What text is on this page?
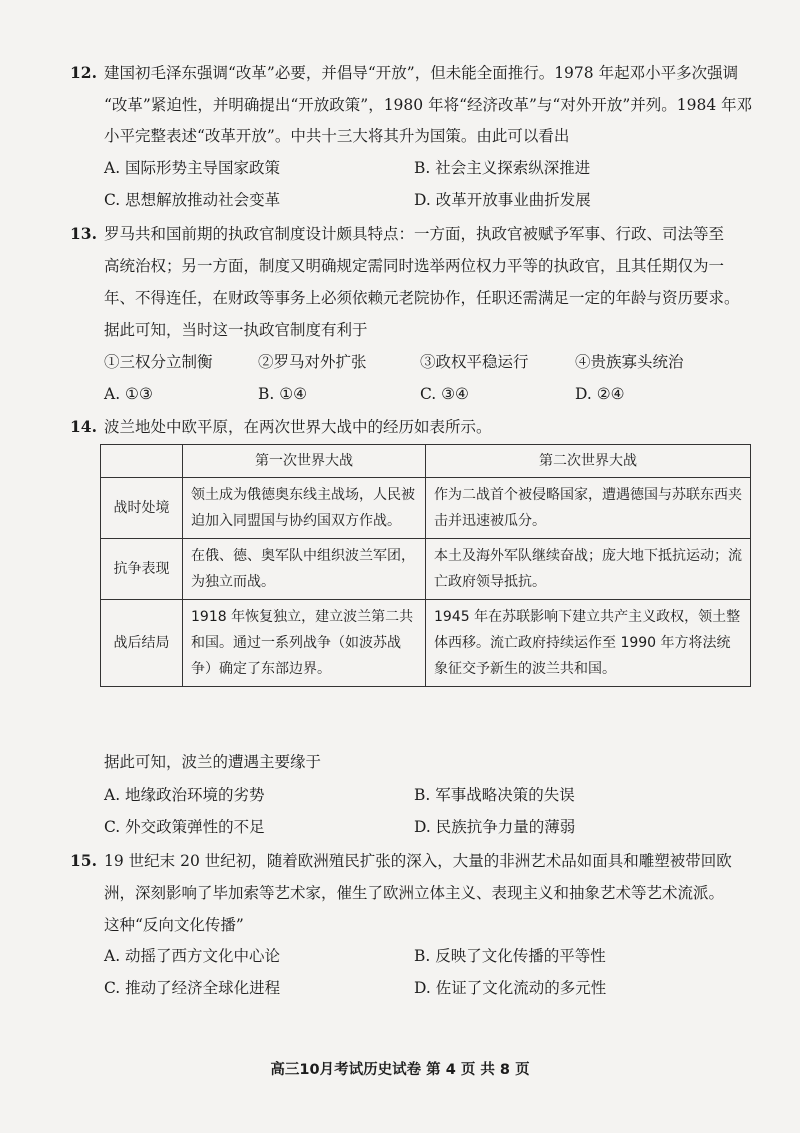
12. 建国初毛泽东强调“改革”必要，并倡导“开放”，但未能全面推行。1978 年起邓小平多次强调
“改革”紧迫性，并明确提出“开放政策”，1980 年将“经济改革”与“对外开放”并列。1984 年邓
小平完整表述“改革开放”。中共十三大将其升为国策。由此可以看出
A. 国际形势主导国家政策	B. 社会主义探索纵深推进
C. 思想解放推动社会变革	D. 改革开放事业曲折发展
13. 罗马共和国前期的执政官制度设计颇具特点：一方面，执政官被赋予军事、行政、司法等至
高统治权；另一方面，制度又明确规定需同时选举两位权力平等的执政官，且其任期仅为一
年、不得连任，在财政等事务上必须依赖元老院协作，任职还需满足一定的年龄与资历要求。
据此可知，当时这一执政官制度有利于
①三权分立制衡	②罗马对外扩张	③政权平稳运行	④贵族寡头统治
A. ①③	B. ①④	C. ③④	D. ②④
14. 波兰地处中欧平原，在两次世界大战中的经历如表所示。
	第一次世界大战	第二次世界大战
战时处境	领土成为俄德奥东线主战场，人民被迫加入同盟国与协约国双方作战。	作为二战首个被侵略国家，遭遇德国与苏联东西夹击并迅速被瓜分。
抗争表现	在俄、德、奥军队中组织波兰军团，为独立而战。	本土及海外军队继续奋战；庞大地下抵抗运动；流亡政府领导抵抗。
战后结局	1918 年恢复独立，建立波兰第二共和国。通过一系列战争（如波苏战争）确定了东部边界。	1945 年在苏联影响下建立共产主义政权，领土整体西移。流亡政府持续运作至 1990 年方将法统象征交予新生的波兰共和国。
据此可知，波兰的遭遇主要缘于
A. 地缘政治环境的劣势	B. 军事战略决策的失误
C. 外交政策弹性的不足	D. 民族抗争力量的薄弱
15. 19 世纪末 20 世纪初，随着欧洲殖民扩张的深入，大量的非洲艺术品如面具和雕塑被带回欧
洲，深刻影响了毕加索等艺术家，催生了欧洲立体主义、表现主义和抽象艺术等艺术流派。
这种“反向文化传播”
A. 动摇了西方文化中心论	B. 反映了文化传播的平等性
C. 推动了经济全球化进程	D. 佐证了文化流动的多元性
高三10月考试历史试卷 第 4 页 共 8 页
